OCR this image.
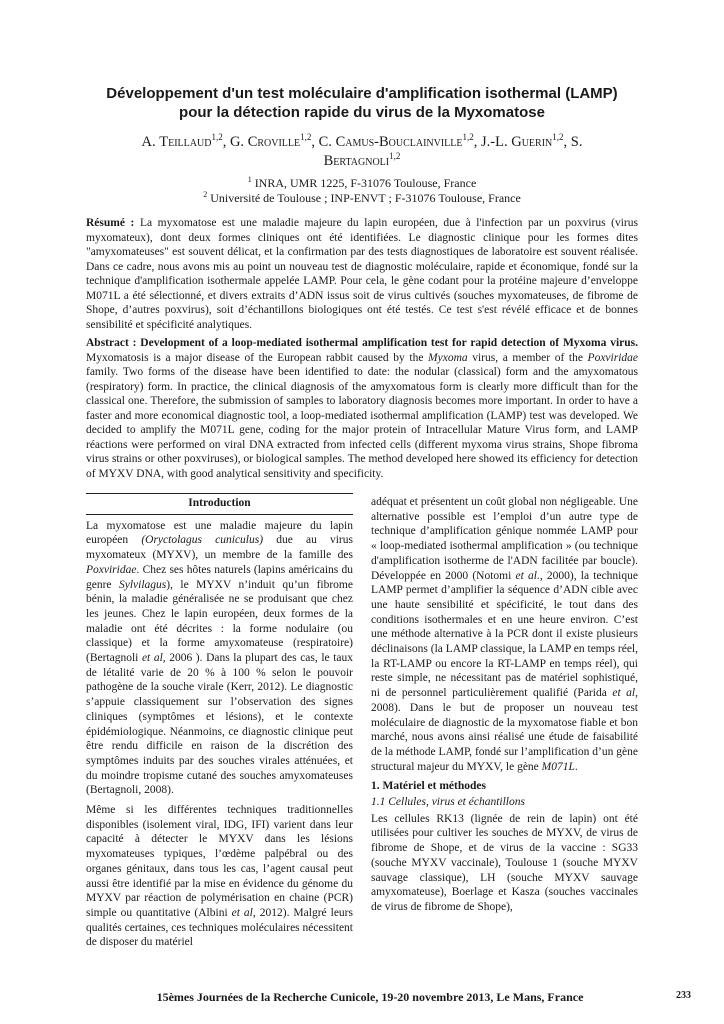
Développement d'un test moléculaire d'amplification isothermal (LAMP)
pour la détection rapide du virus de la Myxomatose
A. Teillaud$^{1,2}$, G. Croville$^{1,2}$, C. Camus-Bouclainville$^{1,2}$, J.-L. Guerin$^{1,2}$, S.
Bertagnoli$^{1,2}$
$^1$ INRA, UMR 1225, F-31076 Toulouse, France
$^2$ Université de Toulouse ; INP-ENVT ; F-31076 Toulouse, France

Résumé : La myxomatose est une maladie majeure du lapin européen, due à l'infection par un poxvirus (virus myxomateux), dont deux formes cliniques ont été identifiées. Le diagnostic clinique pour les formes dites "amyxomateuses" est souvent délicat, et la confirmation par des tests diagnostiques de laboratoire est souvent réalisée. Dans ce cadre, nous avons mis au point un nouveau test de diagnostic moléculaire, rapide et économique, fondé sur la technique d'amplification isothermale appelée LAMP. Pour cela, le gène codant pour la protéine majeure d’enveloppe M071L a été sélectionné, et divers extraits d’ADN issus soit de virus cultivés (souches myxomateuses, de fibrome de Shope, d’autres poxvirus), soit d’échantillons biologiques ont été testés. Ce test s'est révélé efficace et de bonnes sensibilité et spécificité analytiques.

Abstract : Development of a loop-mediated isothermal amplification test for rapid detection of Myxoma virus. Myxomatosis is a major disease of the European rabbit caused by the Myxoma virus, a member of the Poxviridae family. Two forms of the disease have been identified to date: the nodular (classical) form and the amyxomatous (respiratory) form. In practice, the clinical diagnosis of the amyxomatous form is clearly more difficult than for the classical one. Therefore, the submission of samples to laboratory diagnosis becomes more important. In order to have a faster and more economical diagnostic tool, a loop-mediated isothermal amplification (LAMP) test was developed. We decided to amplify the M071L gene, coding for the major protein of Intracellular Mature Virus form, and LAMP réactions were performed on viral DNA extracted from infected cells (different myxoma virus strains, Shope fibroma virus strains or other poxviruses), or biological samples. The method developed here showed its efficiency for detection of MYXV DNA, with good analytical sensitivity and specificity.

Introduction

La myxomatose est une maladie majeure du lapin européen (Oryctolagus cuniculus) due au virus myxomateux (MYXV), un membre de la famille des Poxviridae. Chez ses hôtes naturels (lapins américains du genre Sylvilagus), le MYXV n’induit qu’un fibrome bénin, la maladie généralisée ne se produisant que chez les jeunes. Chez le lapin européen, deux formes de la maladie ont été décrites : la forme nodulaire (ou classique) et la forme amyxomateuse (respiratoire) (Bertagnoli et al, 2006 ). Dans la plupart des cas, le taux de létalité varie de 20 % à 100 % selon le pouvoir pathogène de la souche virale (Kerr, 2012). Le diagnostic s’appuie classiquement sur l’observation des signes cliniques (symptômes et lésions), et le contexte épidémiologique. Néanmoins, ce diagnostic clinique peut être rendu difficile en raison de la discrétion des symptômes induits par des souches virales atténuées, et du moindre tropisme cutané des souches amyxomateuses (Bertagnoli, 2008).

Même si les différentes techniques traditionnelles disponibles (isolement viral, IDG, IFI) varient dans leur capacité à détecter le MYXV dans les lésions myxomateuses typiques, l’œdème palpébral ou des organes génitaux, dans tous les cas, l’agent causal peut aussi être identifié par la mise en évidence du génome du MYXV par réaction de polymérisation en chaine (PCR) simple ou quantitative (Albini et al, 2012). Malgré leurs qualités certaines, ces techniques moléculaires nécessitent de disposer du matériel

adéquat et présentent un coût global non négligeable. Une alternative possible est l’emploi d’un autre type de technique d’amplification génique nommée LAMP pour « loop-mediated isothermal amplification » (ou technique d'amplification isotherme de l'ADN facilitée par boucle). Développée en 2000 (Notomi et al., 2000), la technique LAMP permet d’amplifier la séquence d’ADN cible avec une haute sensibilité et spécificité, le tout dans des conditions isothermales et en une heure environ. C’est une méthode alternative à la PCR dont il existe plusieurs déclinaisons (la LAMP classique, la LAMP en temps réel, la RT-LAMP ou encore la RT-LAMP en temps réel), qui reste simple, ne nécessitant pas de matériel sophistiqué, ni de personnel particulièrement qualifié (Parida et al, 2008). Dans le but de proposer un nouveau test moléculaire de diagnostic de la myxomatose fiable et bon marché, nous avons ainsi réalisé une étude de faisabilité de la méthode LAMP, fondé sur l’amplification d’un gène structural majeur du MYXV, le gène M071L.

1. Matériel et méthodes
1.1 Cellules, virus et échantillons

Les cellules RK13 (lignée de rein de lapin) ont été utilisées pour cultiver les souches de MYXV, de virus de fibrome de Shope, et de virus de la vaccine : SG33 (souche MYXV vaccinale), Toulouse 1 (souche MYXV sauvage classique), LH (souche MYXV sauvage amyxomateuse), Boerlage et Kasza (souches vaccinales de virus de fibrome de Shope),

15èmes Journées de la Recherche Cunicole, 19-20 novembre 2013, Le Mans, France	233
